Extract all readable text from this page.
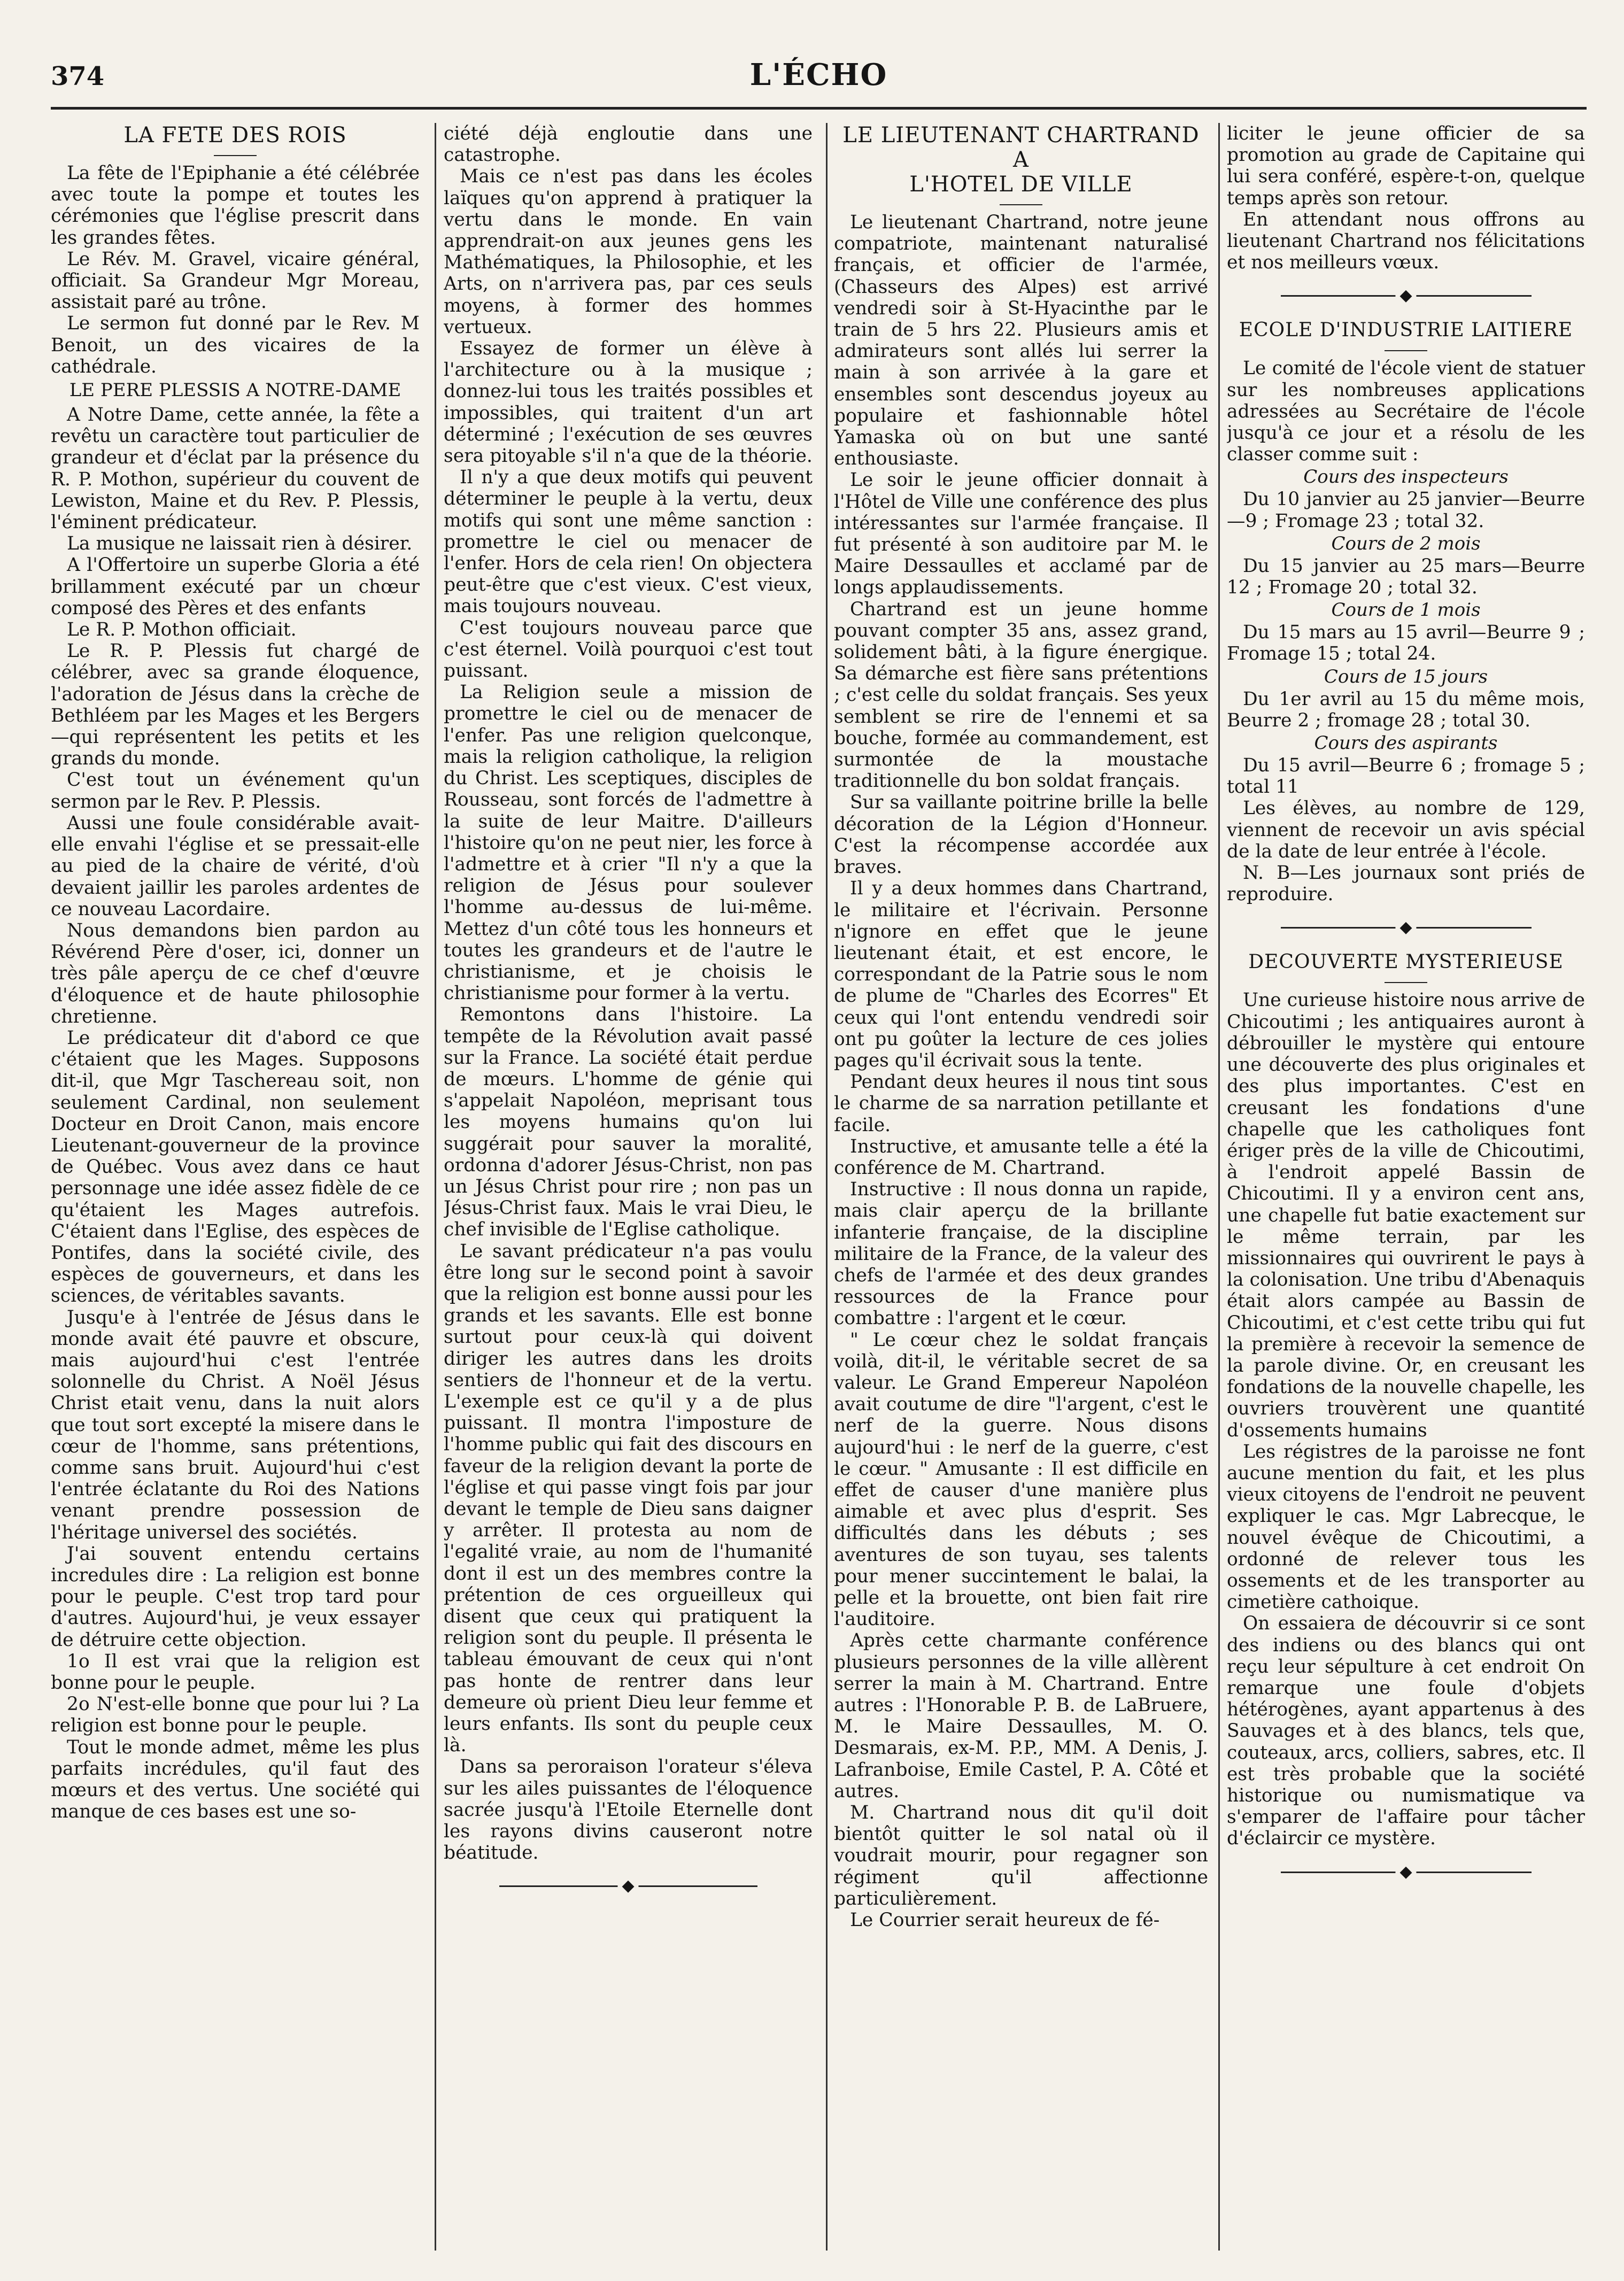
374	L'ÉCHO
LA FETE DES ROIS

La fête de l'Epiphanie a été célébrée avec toute la pompe et toutes les cérémonies que l'église prescrit dans les grandes fêtes.

Le Rév. M. Gravel, vicaire général, officiait. Sa Grandeur Mgr Moreau, assistait paré au trône.

Le sermon fut donné par le Rev. M Benoit, un des vicaires de la cathédrale.

LE PERE PLESSIS A NOTRE-DAME

A Notre Dame, cette année, la fête a revêtu un caractère tout particulier de grandeur et d'éclat par la présence du R. P. Mothon, supérieur du couvent de Lewiston, Maine et du Rev. P. Plessis, l'éminent prédicateur.

La musique ne laissait rien à désirer.

A l'Offertoire un superbe Gloria a été brillamment exécuté par un chœur composé des Pères et des enfants

Le R. P. Mothon officiait.

Le R. P. Plessis fut chargé de célébrer, avec sa grande éloquence, l'adoration de Jésus dans la crèche de Bethléem par les Mages et les Bergers—qui représentent les petits et les grands du monde.

C'est tout un événement qu'un sermon par le Rev. P. Plessis.

Aussi une foule considérable avait-elle envahi l'église et se pressait-elle au pied de la chaire de vérité, d'où devaient jaillir les paroles ardentes de ce nouveau Lacordaire.

Nous demandons bien pardon au Révérend Père d'oser, ici, donner un très pâle aperçu de ce chef d'œuvre d'éloquence et de haute philosophie chretienne.

Le prédicateur dit d'abord ce que c'étaient que les Mages. Supposons dit-il, que Mgr Taschereau soit, non seulement Cardinal, non seulement Docteur en Droit Canon, mais encore Lieutenant-gouverneur de la province de Québec. Vous avez dans ce haut personnage une idée assez fidèle de ce qu'étaient les Mages autrefois. C'étaient dans l'Eglise, des espèces de Pontifes, dans la société civile, des espèces de gouverneurs, et dans les sciences, de véritables savants.

Jusqu'e à l'entrée de Jésus dans le monde avait été pauvre et obscure, mais aujourd'hui c'est l'entrée solonnelle du Christ. A Noël Jésus Christ etait venu, dans la nuit alors que tout sort excepté la misere dans le cœur de l'homme, sans prétentions, comme sans bruit. Aujourd'hui c'est l'entrée éclatante du Roi des Nations venant prendre possession de l'héritage universel des sociétés.

J'ai souvent entendu certains incredules dire : La religion est bonne pour le peuple. C'est trop tard pour d'autres. Aujourd'hui, je veux essayer de détruire cette objection.

1o Il est vrai que la religion est bonne pour le peuple.

2o N'est-elle bonne que pour lui ? La religion est bonne pour le peuple.

Tout le monde admet, même les plus parfaits incrédules, qu'il faut des mœurs et des vertus. Une société qui manque de ces bases est une so-

ciété déjà engloutie dans une catastrophe.

Mais ce n'est pas dans les écoles laïques qu'on apprend à pratiquer la vertu dans le monde. En vain apprendrait-on aux jeunes gens les Mathématiques, la Philosophie, et les Arts, on n'arrivera pas, par ces seuls moyens, à former des hommes vertueux.

Essayez de former un élève à l'architecture ou à la musique ; donnez-lui tous les traités possibles et impossibles, qui traitent d'un art déterminé ; l'exécution de ses œuvres sera pitoyable s'il n'a que de la théorie.

Il n'y a que deux motifs qui peuvent déterminer le peuple à la vertu, deux motifs qui sont une même sanction : promettre le ciel ou menacer de l'enfer. Hors de cela rien! On objectera peut-être que c'est vieux. C'est vieux, mais toujours nouveau.

C'est toujours nouveau parce que c'est éternel. Voilà pourquoi c'est tout puissant.

La Religion seule a mission de promettre le ciel ou de menacer de l'enfer. Pas une religion quelconque, mais la religion catholique, la religion du Christ. Les sceptiques, disciples de Rousseau, sont forcés de l'admettre à la suite de leur Maitre. D'ailleurs l'histoire qu'on ne peut nier, les force à l'admettre et à crier "Il n'y a que la religion de Jésus pour soulever l'homme au-dessus de lui-même. Mettez d'un côté tous les honneurs et toutes les grandeurs et de l'autre le christianisme, et je choisis le christianisme pour former à la vertu.

Remontons dans l'histoire. La tempête de la Révolution avait passé sur la France. La société était perdue de mœurs. L'homme de génie qui s'appelait Napoléon, meprisant tous les moyens humains qu'on lui suggérait pour sauver la moralité, ordonna d'adorer Jésus-Christ, non pas un Jésus Christ pour rire ; non pas un Jésus-Christ faux. Mais le vrai Dieu, le chef invisible de l'Eglise catholique.

Le savant prédicateur n'a pas voulu être long sur le second point à savoir que la religion est bonne aussi pour les grands et les savants. Elle est bonne surtout pour ceux-là qui doivent diriger les autres dans les droits sentiers de l'honneur et de la vertu. L'exemple est ce qu'il y a de plus puissant. Il montra l'imposture de l'homme public qui fait des discours en faveur de la religion devant la porte de l'église et qui passe vingt fois par jour devant le temple de Dieu sans daigner y arrêter. Il protesta au nom de l'egalité vraie, au nom de l'humanité dont il est un des membres contre la prétention de ces orgueilleux qui disent que ceux qui pratiquent la religion sont du peuple. Il présenta le tableau émouvant de ceux qui n'ont pas honte de rentrer dans leur demeure où prient Dieu leur femme et leurs enfants. Ils sont du peuple ceux là.

Dans sa peroraison l'orateur s'éleva sur les ailes puissantes de l'éloquence sacrée jusqu'à l'Etoile Eternelle dont les rayons divins causeront notre béatitude.

◆
LE LIEUTENANT CHARTRAND
A
L'HOTEL DE VILLE

Le lieutenant Chartrand, notre jeune compatriote, maintenant naturalisé français, et officier de l'armée, (Chasseurs des Alpes) est arrivé vendredi soir à St-Hyacinthe par le train de 5 hrs 22. Plusieurs amis et admirateurs sont allés lui serrer la main à son arrivée à la gare et ensembles sont descendus joyeux au populaire et fashionnable hôtel Yamaska où on but une santé enthousiaste.

Le soir le jeune officier donnait à l'Hôtel de Ville une conférence des plus intéressantes sur l'armée française. Il fut présenté à son auditoire par M. le Maire Dessaulles et acclamé par de longs applaudissements.

Chartrand est un jeune homme pouvant compter 35 ans, assez grand, solidement bâti, à la figure énergique. Sa démarche est fière sans prétentions ; c'est celle du soldat français. Ses yeux semblent se rire de l'ennemi et sa bouche, formée au commandement, est surmontée de la moustache traditionnelle du bon soldat français.

Sur sa vaillante poitrine brille la belle décoration de la Légion d'Honneur. C'est la récompense accordée aux braves.

Il y a deux hommes dans Chartrand, le militaire et l'écrivain. Personne n'ignore en effet que le jeune lieutenant était, et est encore, le correspondant de la Patrie sous le nom de plume de "Charles des Ecorres" Et ceux qui l'ont entendu vendredi soir ont pu goûter la lecture de ces jolies pages qu'il écrivait sous la tente.

Pendant deux heures il nous tint sous le charme de sa narration petillante et facile.

Instructive, et amusante telle a été la conférence de M. Chartrand.

Instructive : Il nous donna un rapide, mais clair aperçu de la brillante infanterie française, de la discipline militaire de la France, de la valeur des chefs de l'armée et des deux grandes ressources de la France pour combattre : l'argent et le cœur.

" Le cœur chez le soldat français voilà, dit-il, le véritable secret de sa valeur. Le Grand Empereur Napoléon avait coutume de dire "l'argent, c'est le nerf de la guerre. Nous disons aujourd'hui : le nerf de la guerre, c'est le cœur. " Amusante : Il est difficile en effet de causer d'une manière plus aimable et avec plus d'esprit. Ses difficultés dans les débuts ; ses aventures de son tuyau, ses talents pour mener succintement le balai, la pelle et la brouette, ont bien fait rire l'auditoire.

Après cette charmante conférence plusieurs personnes de la ville allèrent serrer la main à M. Chartrand. Entre autres : l'Honorable P. B. de LaBruere, M. le Maire Dessaulles, M. O. Desmarais, ex-M. P.P., MM. A Denis, J. Lafranboise, Emile Castel, P. A. Côté et autres.

M. Chartrand nous dit qu'il doit bientôt quitter le sol natal où il voudrait mourir, pour regagner son régiment qu'il affectionne particulièrement.

Le Courrier serait heureux de fé-

liciter le jeune officier de sa promotion au grade de Capitaine qui lui sera conféré, espère-t-on, quelque temps après son retour.

En attendant nous offrons au lieutenant Chartrand nos félicitations et nos meilleurs vœux.

◆
ECOLE D'INDUSTRIE LAITIERE

Le comité de l'école vient de statuer sur les nombreuses applications adressées au Secrétaire de l'école jusqu'à ce jour et a résolu de les classer comme suit :

Cours des inspecteurs

Du 10 janvier au 25 janvier—Beurre—9 ; Fromage 23 ; total 32.

Cours de 2 mois

Du 15 janvier au 25 mars—Beurre 12 ; Fromage 20 ; total 32.

Cours de 1 mois

Du 15 mars au 15 avril—Beurre 9 ; Fromage 15 ; total 24.

Cours de 15 jours

Du 1er avril au 15 du même mois, Beurre 2 ; fromage 28 ; total 30.

Cours des aspirants

Du 15 avril—Beurre 6 ; fromage 5 ; total 11

Les élèves, au nombre de 129, viennent de recevoir un avis spécial de la date de leur entrée à l'école.

N. B—Les journaux sont priés de reproduire.

◆
DECOUVERTE MYSTERIEUSE

Une curieuse histoire nous arrive de Chicoutimi ; les antiquaires auront à débrouiller le mystère qui entoure une découverte des plus originales et des plus importantes. C'est en creusant les fondations d'une chapelle que les catholiques font ériger près de la ville de Chicoutimi, à l'endroit appelé Bassin de Chicoutimi. Il y a environ cent ans, une chapelle fut batie exactement sur le même terrain, par les missionnaires qui ouvrirent le pays à la colonisation. Une tribu d'Abenaquis était alors campée au Bassin de Chicoutimi, et c'est cette tribu qui fut la première à recevoir la semence de la parole divine. Or, en creusant les fondations de la nouvelle chapelle, les ouvriers trouvèrent une quantité d'ossements humains

Les régistres de la paroisse ne font aucune mention du fait, et les plus vieux citoyens de l'endroit ne peuvent expliquer le cas. Mgr Labrecque, le nouvel évêque de Chicoutimi, a ordonné de relever tous les ossements et de les transporter au cimetière cathoique.

On essaiera de découvrir si ce sont des indiens ou des blancs qui ont reçu leur sépulture à cet endroit On remarque une foule d'objets hétérogènes, ayant appartenus à des Sauvages et à des blancs, tels que, couteaux, arcs, colliers, sabres, etc. Il est très probable que la société historique ou numismatique va s'emparer de l'affaire pour tâcher d'éclaircir ce mystère.

◆
